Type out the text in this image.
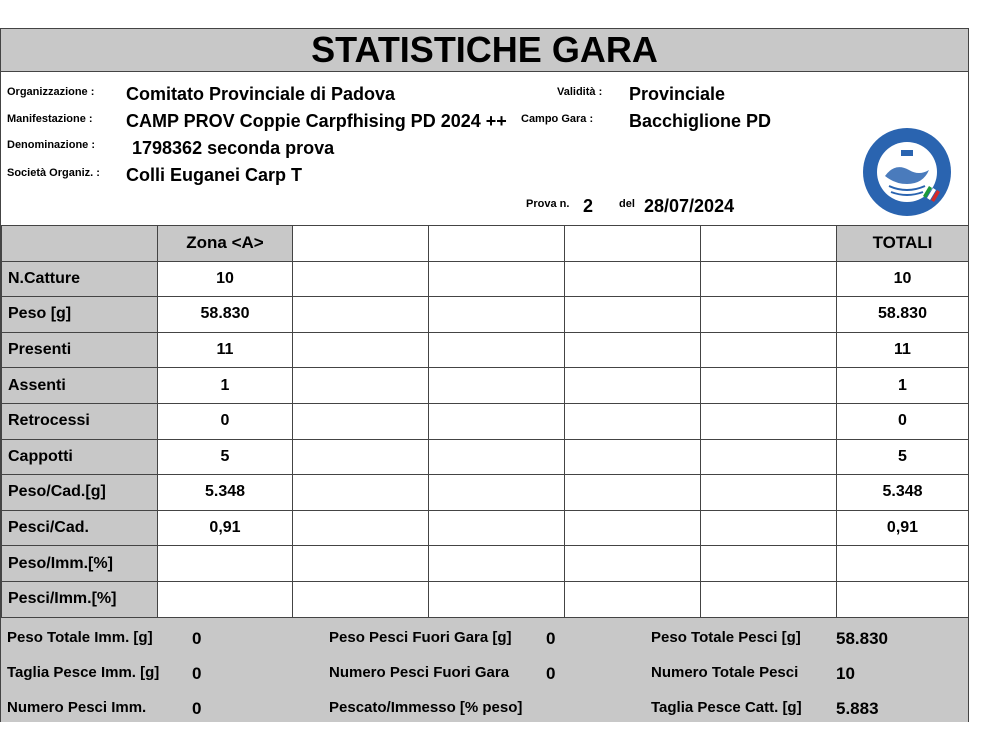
STATISTICHE GARA
Organizzazione : Comitato Provinciale di Padova
Manifestazione : CAMP PROV Coppie Carpfhising PD 2024 ++
Denominazione : 1798362 seconda prova
Società Organiz. : Colli Euganei Carp T
Validità : Provinciale
Campo Gara : Bacchiglione PD
Prova n. 2 del 28/07/2024
	Zona <A>					TOTALI
N.Catture	10					10
Peso [g]	58.830					58.830
Presenti	11					11
Assenti	1					1
Retrocessi	0					0
Cappotti	5					5
Peso/Cad.[g]	5.348					5.348
Pesci/Cad.	0,91					0,91
Peso/Imm.[%]						
Pesci/Imm.[%]						
Peso Totale Imm. [g] 0
Taglia Pesce Imm. [g] 0
Numero Pesci Imm.	0
Peso Pesci Fuori Gara [g] 0
Numero Pesci Fuori Gara 0
Pescato/Immesso [% peso]
Peso Totale Pesci [g] 58.830
Numero Totale Pesci 10
Taglia Pesce Catt. [g] 5.883
